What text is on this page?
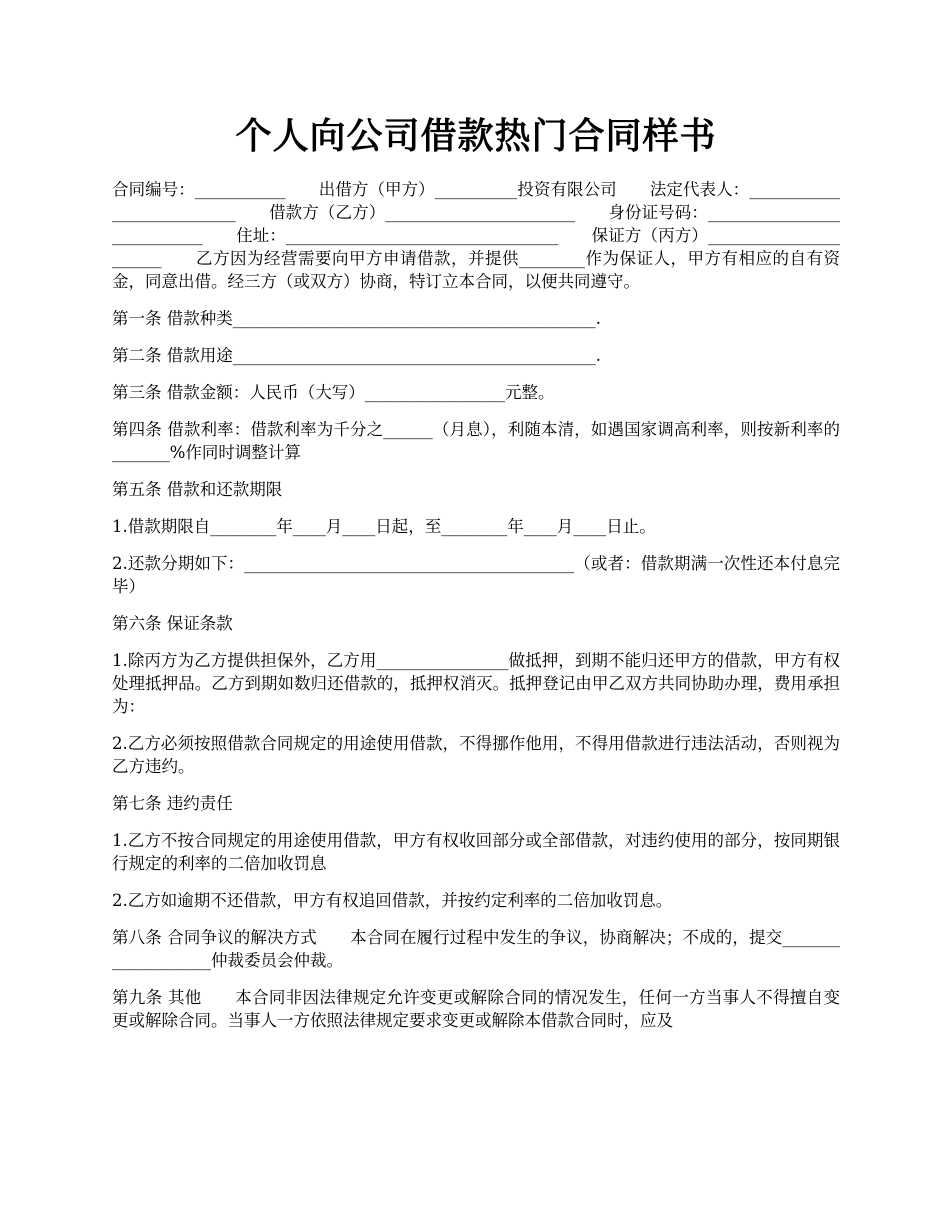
个人向公司借款热门合同样书

合同编号：___________　　出借方（甲方）__________投资有限公司　　法定代表人：__________________________　　借款方（乙方）_______________________　　身份证号码：___________________________　　住址：_________________________________　　保证方（丙方）______________________　　乙方因为经营需要向甲方申请借款，并提供________作为保证人，甲方有相应的自有资金，同意出借。经三方（或双方）协商，特订立本合同，以便共同遵守。

第一条 借款种类____________________________________________.

第二条 借款用途____________________________________________.

第三条 借款金额：人民币（大写）_________________元整。

第四条 借款利率：借款利率为千分之______（月息），利随本清，如遇国家调高利率，则按新利率的_______%作同时调整计算

第五条 借款和还款期限

1.借款期限自________年____月____日起，至________年____月____日止。

2.还款分期如下：________________________________________（或者：借款期满一次性还本付息完毕）

第六条 保证条款

1.除丙方为乙方提供担保外，乙方用________________做抵押，到期不能归还甲方的借款，甲方有权处理抵押品。乙方到期如数归还借款的，抵押权消灭。抵押登记由甲乙双方共同协助办理，费用承担为：

2.乙方必须按照借款合同规定的用途使用借款，不得挪作他用，不得用借款进行违法活动，否则视为乙方违约。

第七条 违约责任

1.乙方不按合同规定的用途使用借款，甲方有权收回部分或全部借款，对违约使用的部分，按同期银行规定的利率的二倍加收罚息

2.乙方如逾期不还借款，甲方有权追回借款，并按约定利率的二倍加收罚息。

第八条 合同争议的解决方式　　本合同在履行过程中发生的争议，协商解决；不成的，提交___________________仲裁委员会仲裁。

第九条 其他　　本合同非因法律规定允许变更或解除合同的情况发生，任何一方当事人不得擅自变更或解除合同。当事人一方依照法律规定要求变更或解除本借款合同时，应及
